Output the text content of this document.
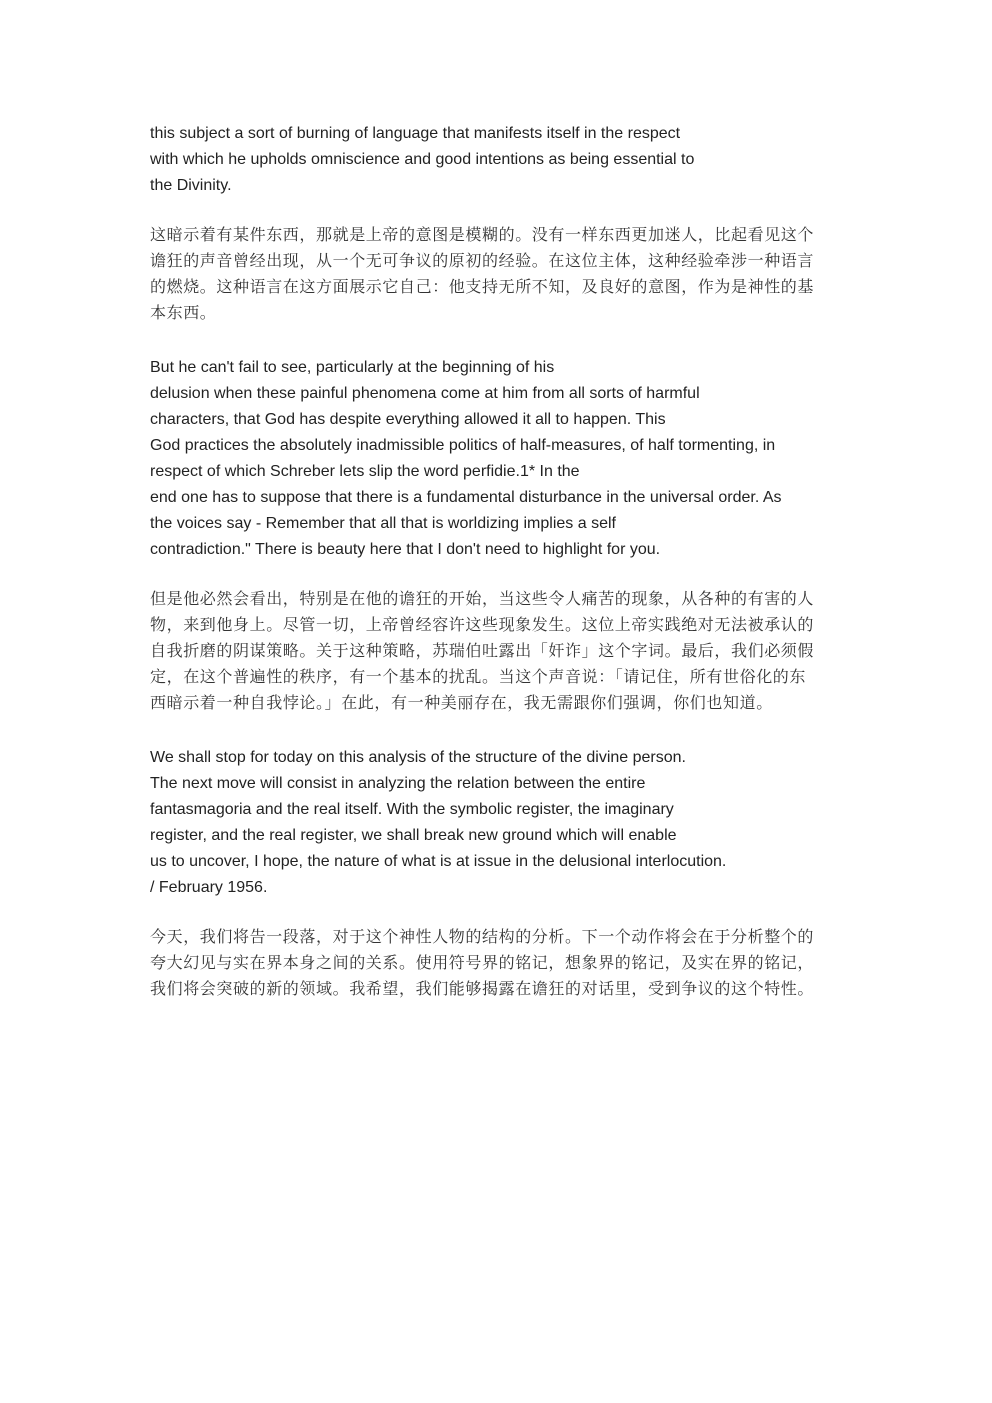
this subject a sort of burning of language that manifests itself in the respect
with which he upholds omniscience and good intentions as being essential to
the Divinity.

这暗示着有某件东西，那就是上帝的意图是模糊的。没有一样东西更加迷人，比起看见这个
谵狂的声音曾经出现，从一个无可争议的原初的经验。在这位主体，这种经验牵涉一种语言
的燃烧。这种语言在这方面展示它自己：他支持无所不知，及良好的意图，作为是神性的基
本东西。

But he can't fail to see, particularly at the beginning of his
delusion when these painful phenomena come at him from all sorts of harmful
characters, that God has despite everything allowed it all to happen. This
God practices the absolutely inadmissible politics of half-measures, of half tormenting, in
respect of which Schreber lets slip the word perfidie.1* In the
end one has to suppose that there is a fundamental disturbance in the universal order. As
the voices say - Remember that all that is worldizing implies a self
contradiction." There is beauty here that I don't need to highlight for you.

但是他必然会看出，特别是在他的谵狂的开始，当这些令人痛苦的现象，从各种的有害的人
物，来到他身上。尽管一切，上帝曾经容许这些现象发生。这位上帝实践绝对无法被承认的
自我折磨的阴谋策略。关于这种策略，苏瑞伯吐露出「奸诈」这个字词。最后，我们必须假
定，在这个普遍性的秩序，有一个基本的扰乱。当这个声音说：「请记住，所有世俗化的东
西暗示着一种自我悖论。」在此，有一种美丽存在，我无需跟你们强调，你们也知道。

We shall stop for today on this analysis of the structure of the divine person.
The next move will consist in analyzing the relation between the entire
fantasmagoria and the real itself. With the symbolic register, the imaginary
register, and the real register, we shall break new ground which will enable
us to uncover, I hope, the nature of what is at issue in the delusional interlocution.
/ February 1956.

今天，我们将告一段落，对于这个神性人物的结构的分析。下一个动作将会在于分析整个的
夸大幻见与实在界本身之间的关系。使用符号界的铭记，想象界的铭记，及实在界的铭记，
我们将会突破的新的领域。我希望，我们能够揭露在谵狂的对话里，受到争议的这个特性。
